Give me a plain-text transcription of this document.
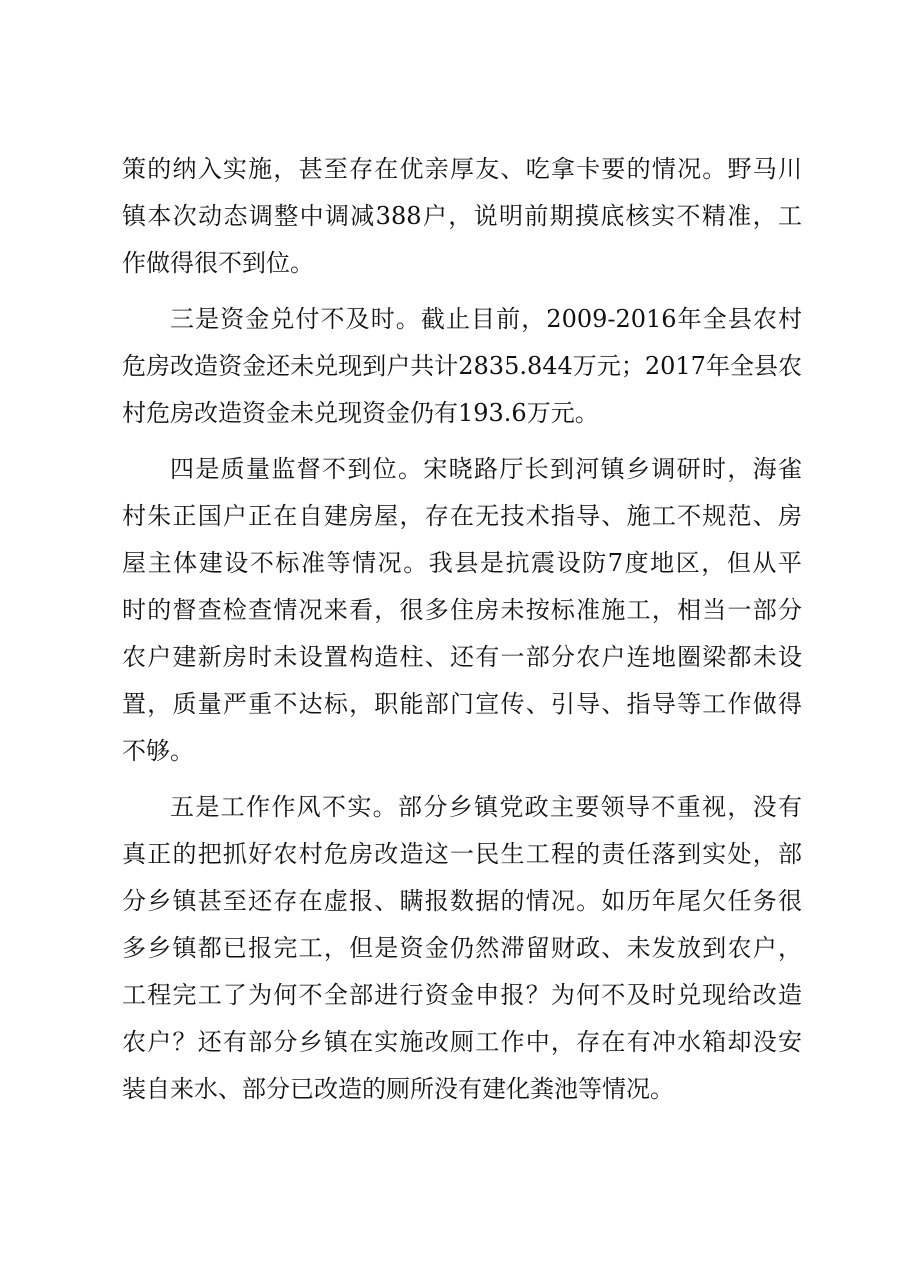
策的纳入实施，甚至存在优亲厚友、吃拿卡要的情况。野马川

镇本次动态调整中调减388户，说明前期摸底核实不精准，工

作做得很不到位。

三是资金兑付不及时。截止目前，2009-2016年全县农村

危房改造资金还未兑现到户共计2835.844万元；2017年全县农

村危房改造资金未兑现资金仍有193.6万元。

四是质量监督不到位。宋晓路厅长到河镇乡调研时，海雀

村朱正国户正在自建房屋，存在无技术指导、施工不规范、房

屋主体建设不标准等情况。我县是抗震设防7度地区，但从平

时的督查检查情况来看，很多住房未按标准施工，相当一部分

农户建新房时未设置构造柱、还有一部分农户连地圈梁都未设

置，质量严重不达标，职能部门宣传、引导、指导等工作做得

不够。

五是工作作风不实。部分乡镇党政主要领导不重视，没有

真正的把抓好农村危房改造这一民生工程的责任落到实处，部

分乡镇甚至还存在虚报、瞒报数据的情况。如历年尾欠任务很

多乡镇都已报完工，但是资金仍然滞留财政、未发放到农户，

工程完工了为何不全部进行资金申报？为何不及时兑现给改造

农户？还有部分乡镇在实施改厕工作中，存在有冲水箱却没安

装自来水、部分已改造的厕所没有建化粪池等情况。
